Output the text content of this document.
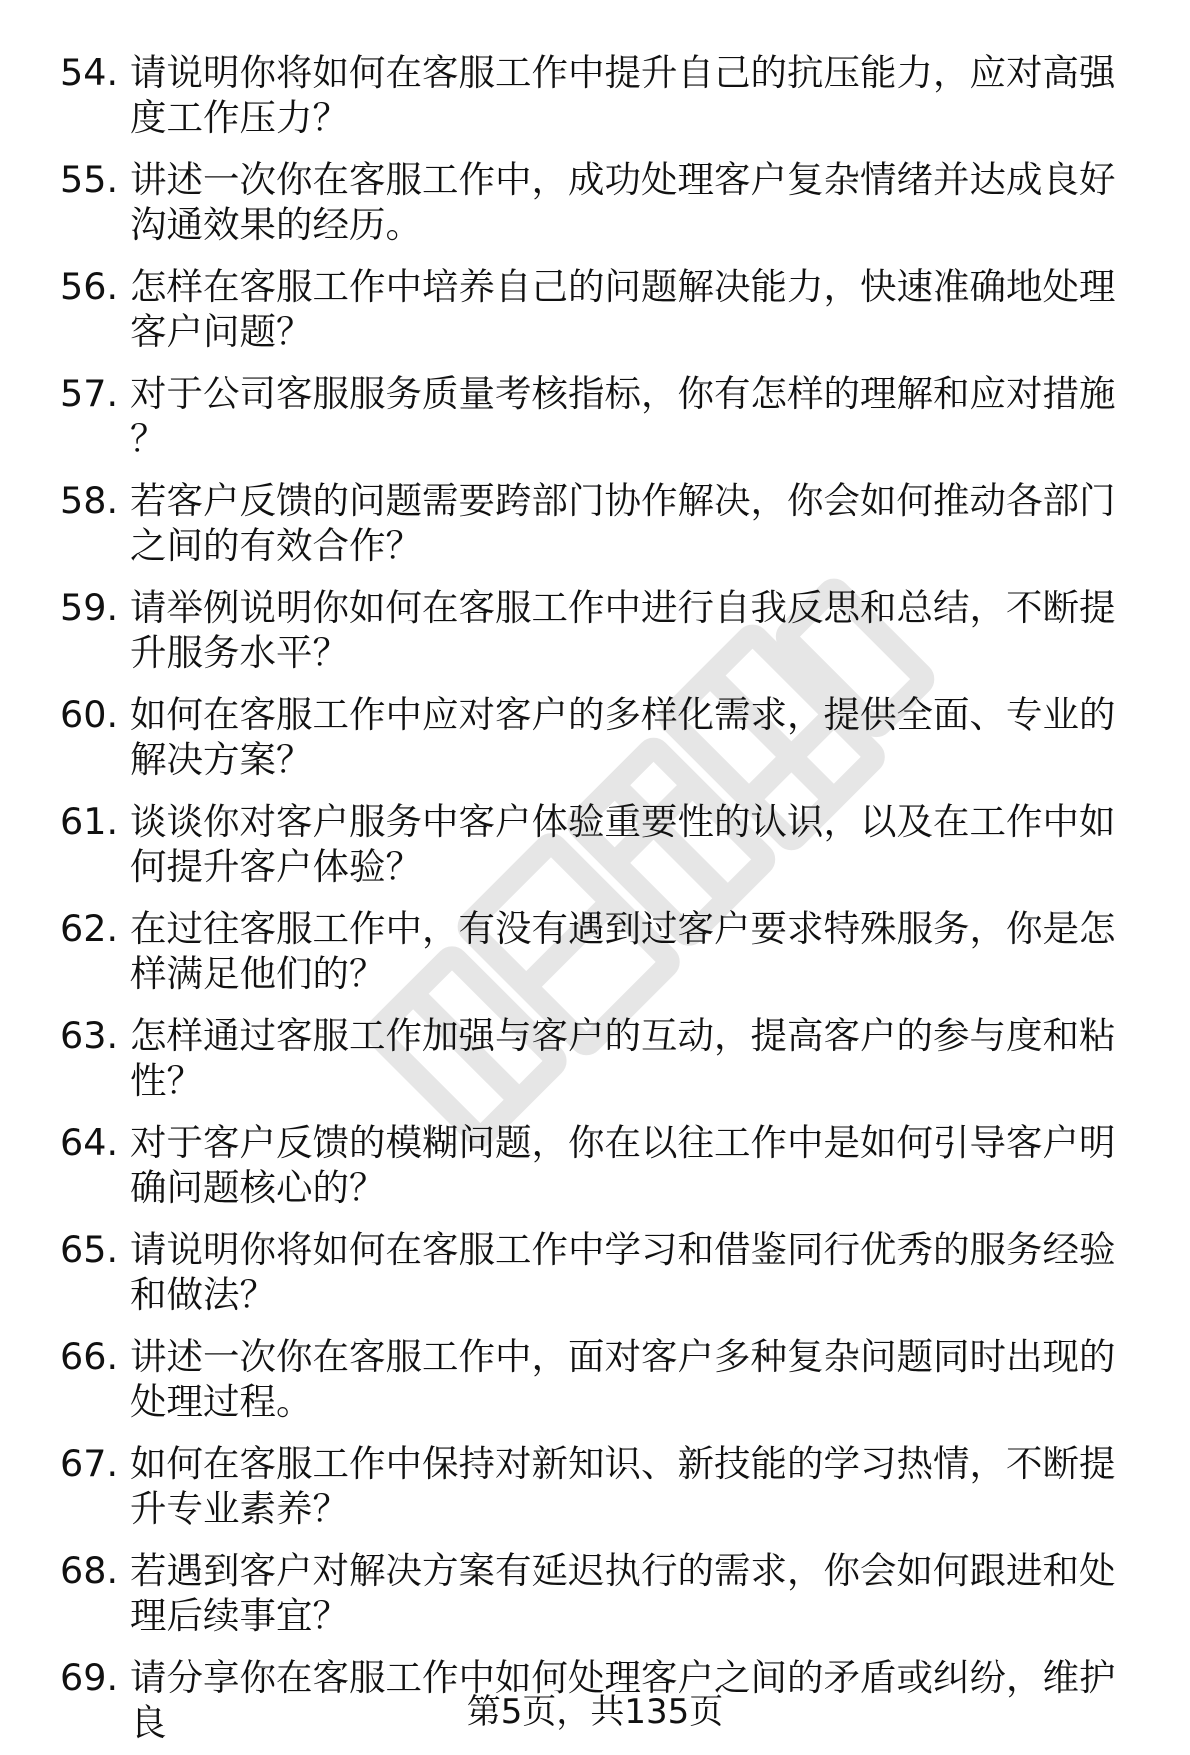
54. 请说明你将如何在客服工作中提升自己的抗压能力，应对高强度工作压力？
55. 讲述一次你在客服工作中，成功处理客户复杂情绪并达成良好沟通效果的经历。
56. 怎样在客服工作中培养自己的问题解决能力，快速准确地处理客户问题？
57. 对于公司客服服务质量考核指标，你有怎样的理解和应对措施？
58. 若客户反馈的问题需要跨部门协作解决，你会如何推动各部门之间的有效合作？
59. 请举例说明你如何在客服工作中进行自我反思和总结，不断提升服务水平？
60. 如何在客服工作中应对客户的多样化需求，提供全面、专业的解决方案？
61. 谈谈你对客户服务中客户体验重要性的认识，以及在工作中如何提升客户体验？
62. 在过往客服工作中，有没有遇到过客户要求特殊服务，你是怎样满足他们的？
63. 怎样通过客服工作加强与客户的互动，提高客户的参与度和粘性？
64. 对于客户反馈的模糊问题，你在以往工作中是如何引导客户明确问题核心的？
65. 请说明你将如何在客服工作中学习和借鉴同行优秀的服务经验和做法？
66. 讲述一次你在客服工作中，面对客户多种复杂问题同时出现的处理过程。
67. 如何在客服工作中保持对新知识、新技能的学习热情，不断提升专业素养？
68. 若遇到客户对解决方案有延迟执行的需求，你会如何跟进和处理后续事宜？
69. 请分享你在客服工作中如何处理客户之间的矛盾或纠纷，维护良	第5页，共135页
